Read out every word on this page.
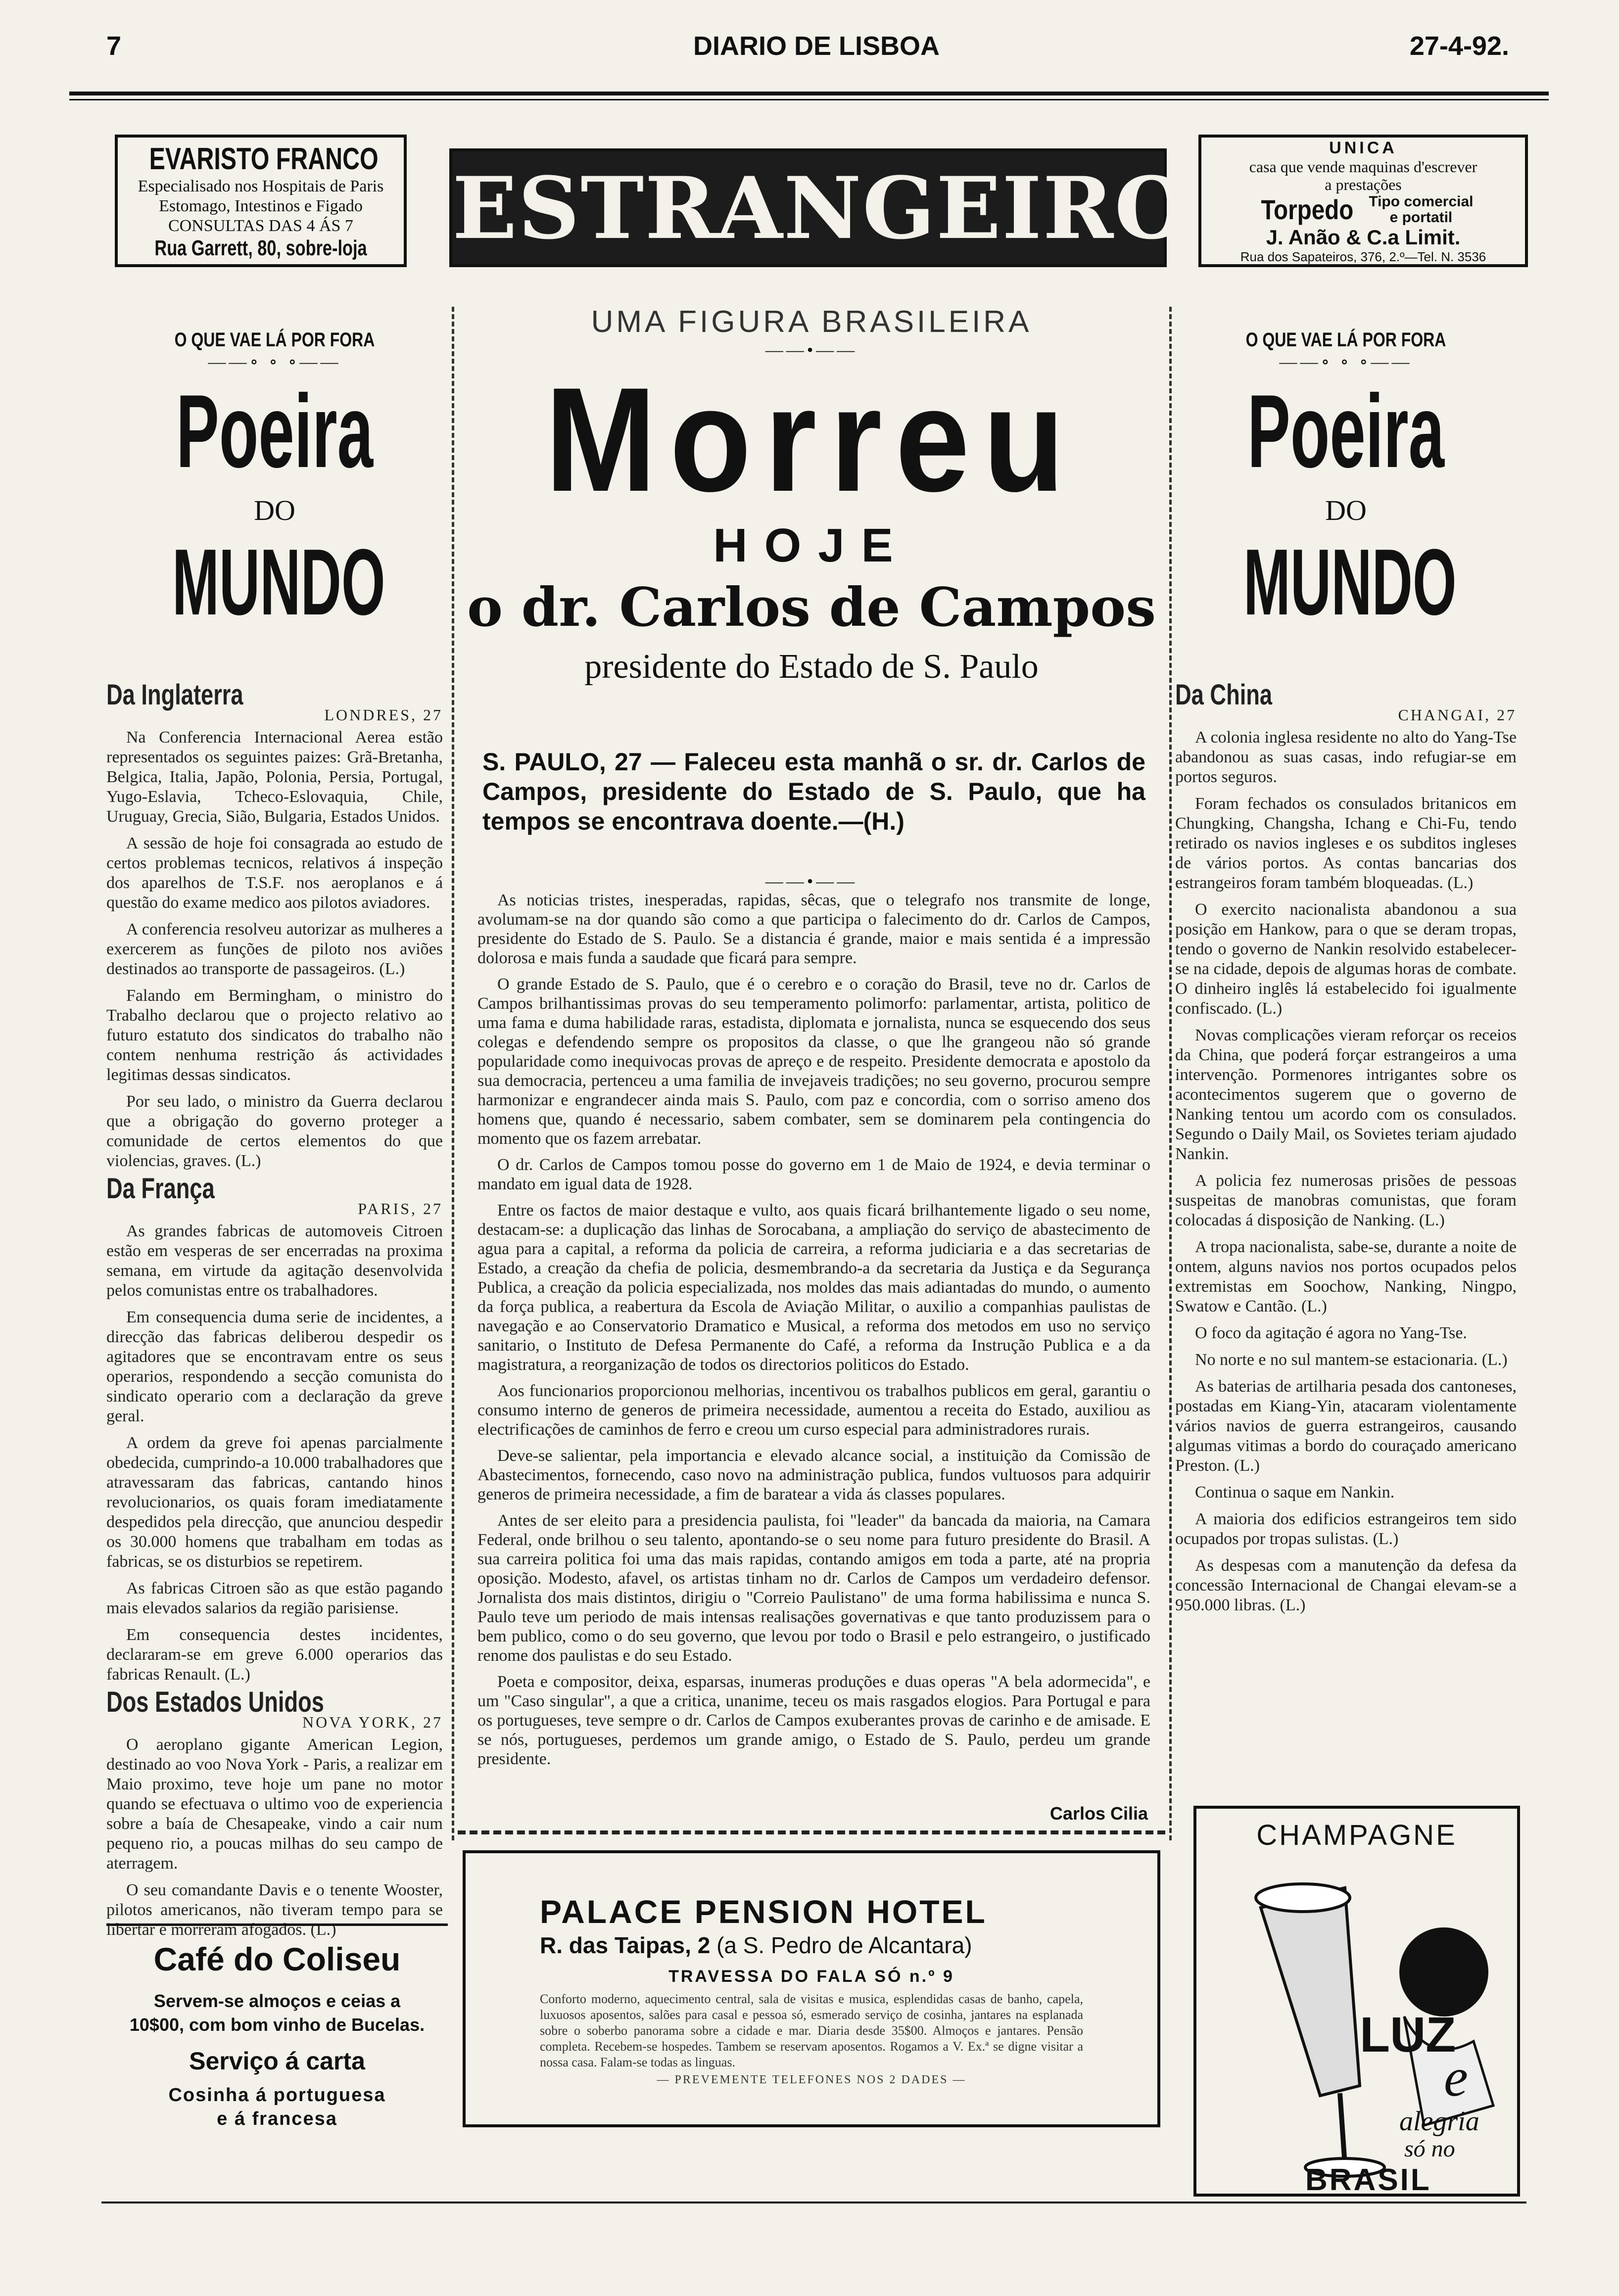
7	DIARIO DE LISBOA	27-4-92.
EVARISTO FRANCO
Especialisado nos Hospitais de Paris
Estomago, Intestinos e Figado
CONSULTAS DAS 4 ÁS 7
Rua Garrett, 80, sobre-loja ESTRANGEIRO
UNICA
casa que vende maquinas d'escrever
a prestações
Torpedo Tipo comercial
e portatil
J. Anão & C.a Limit.
Rua dos Sapateiros, 376, 2.º—Tel. N. 3536
O QUE VAE LÁ POR FORA
——∘ ∘ ∘——
Poeira
DO
MUNDO
Da Inglaterra
LONDRES, 27

Na Conferencia Internacional Aerea estão representados os seguintes paizes: Grã-Bretanha, Belgica, Italia, Japão, Polonia, Persia, Portugal, Yugo-Eslavia, Tcheco-Eslovaquia, Chile, Uruguay, Grecia, Sião, Bulgaria, Estados Unidos.

A sessão de hoje foi consagrada ao estudo de certos problemas tecnicos, relativos á inspeção dos aparelhos de T.S.F. nos aeroplanos e á questão do exame medico aos pilotos aviadores.

A conferencia resolveu autorizar as mulheres a exercerem as funções de piloto nos aviões destinados ao transporte de passageiros. (L.)

Falando em Bermingham, o ministro do Trabalho declarou que o projecto relativo ao futuro estatuto dos sindicatos do trabalho não contem nenhuma restrição ás actividades legitimas dessas sindicatos.

Por seu lado, o ministro da Guerra declarou que a obrigação do governo proteger a comunidade de certos elementos do que violencias, graves. (L.)

Da França
PARIS, 27

As grandes fabricas de automoveis Citroen estão em vesperas de ser encerradas na proxima semana, em virtude da agitação desenvolvida pelos comunistas entre os trabalhadores.

Em consequencia duma serie de incidentes, a direcção das fabricas deliberou despedir os agitadores que se encontravam entre os seus operarios, respondendo a secção comunista do sindicato operario com a declaração da greve geral.

A ordem da greve foi apenas parcialmente obedecida, cumprindo-a 10.000 trabalhadores que atravessaram das fabricas, cantando hinos revolucionarios, os quais foram imediatamente despedidos pela direcção, que anunciou despedir os 30.000 homens que trabalham em todas as fabricas, se os disturbios se repetirem.

As fabricas Citroen são as que estão pagando mais elevados salarios da região parisiense.

Em consequencia destes incidentes, declararam-se em greve 6.000 operarios das fabricas Renault. (L.)

Dos Estados Unidos
NOVA YORK, 27

O aeroplano gigante American Legion, destinado ao voo Nova York - Paris, a realizar em Maio proximo, teve hoje um pane no motor quando se efectuava o ultimo voo de experiencia sobre a baía de Chesapeake, vindo a cair num pequeno rio, a poucas milhas do seu campo de aterragem.

O seu comandante Davis e o tenente Wooster, pilotos americanos, não tiveram tempo para se libertar e morreram afogados. (L.)

Café do Coliseu
Servem-se almoços e ceias a
10$00, com bom vinho de Bucelas.
Serviço á carta
Cosinha á portuguesa
e á francesa
UMA FIGURA BRASILEIRA
——•——
Morreu
HOJE
o dr. Carlos de Campos
presidente do Estado de S. Paulo
S. PAULO, 27 — Faleceu esta manhã o sr. dr. Carlos de Campos, presidente do Estado de S. Paulo, que ha tempos se encontrava doente.—(H.)
——•——

As noticias tristes, inesperadas, rapidas, sêcas, que o telegrafo nos transmite de longe, avolumam-se na dor quando são como a que participa o falecimento do dr. Carlos de Campos, presidente do Estado de S. Paulo. Se a distancia é grande, maior e mais sentida é a impressão dolorosa e mais funda a saudade que ficará para sempre.

O grande Estado de S. Paulo, que é o cerebro e o coração do Brasil, teve no dr. Carlos de Campos brilhantissimas provas do seu temperamento polimorfo: parlamentar, artista, politico de uma fama e duma habilidade raras, estadista, diplomata e jornalista, nunca se esquecendo dos seus colegas e defendendo sempre os propositos da classe, o que lhe grangeou não só grande popularidade como inequivocas provas de apreço e de respeito. Presidente democrata e apostolo da sua democracia, pertenceu a uma familia de invejaveis tradições; no seu governo, procurou sempre harmonizar e engrandecer ainda mais S. Paulo, com paz e concordia, com o sorriso ameno dos homens que, quando é necessario, sabem combater, sem se dominarem pela contingencia do momento que os fazem arrebatar.

O dr. Carlos de Campos tomou posse do governo em 1 de Maio de 1924, e devia terminar o mandato em igual data de 1928.

Entre os factos de maior destaque e vulto, aos quais ficará brilhantemente ligado o seu nome, destacam-se: a duplicação das linhas de Sorocabana, a ampliação do serviço de abastecimento de agua para a capital, a reforma da policia de carreira, a reforma judiciaria e a das secretarias de Estado, a creação da chefia de policia, desmembrando-a da secretaria da Justiça e da Segurança Publica, a creação da policia especializada, nos moldes das mais adiantadas do mundo, o aumento da força publica, a reabertura da Escola de Aviação Militar, o auxilio a companhias paulistas de navegação e ao Conservatorio Dramatico e Musical, a reforma dos metodos em uso no serviço sanitario, o Instituto de Defesa Permanente do Café, a reforma da Instrução Publica e a da magistratura, a reorganização de todos os directorios politicos do Estado.

Aos funcionarios proporcionou melhorias, incentivou os trabalhos publicos em geral, garantiu o consumo interno de generos de primeira necessidade, aumentou a receita do Estado, auxiliou as electrificações de caminhos de ferro e creou um curso especial para administradores rurais.

Deve-se salientar, pela importancia e elevado alcance social, a instituição da Comissão de Abastecimentos, fornecendo, caso novo na administração publica, fundos vultuosos para adquirir generos de primeira necessidade, a fim de baratear a vida ás classes populares.

Antes de ser eleito para a presidencia paulista, foi "leader" da bancada da maioria, na Camara Federal, onde brilhou o seu talento, apontando-se o seu nome para futuro presidente do Brasil. A sua carreira politica foi uma das mais rapidas, contando amigos em toda a parte, até na propria oposição. Modesto, afavel, os artistas tinham no dr. Carlos de Campos um verdadeiro defensor. Jornalista dos mais distintos, dirigiu o "Correio Paulistano" de uma forma habilissima e nunca S. Paulo teve um periodo de mais intensas realisações governativas e que tanto produzissem para o bem publico, como o do seu governo, que levou por todo o Brasil e pelo estrangeiro, o justificado renome dos paulistas e do seu Estado.

Poeta e compositor, deixa, esparsas, inumeras produções e duas operas "A bela adormecida", e um "Caso singular", a que a critica, unanime, teceu os mais rasgados elogios. Para Portugal e para os portugueses, teve sempre o dr. Carlos de Campos exuberantes provas de carinho e de amisade. E se nós, portugueses, perdemos um grande amigo, o Estado de S. Paulo, perdeu um grande presidente.

Carlos Cilia
PALACE PENSION HOTEL
R. das Taipas, 2 (a S. Pedro de Alcantara)
TRAVESSA DO FALA SÓ n.º 9
Conforto moderno, aquecimento central, sala de visitas e musica, esplendidas casas de banho, capela, luxuosos aposentos, salões para casal e pessoa só, esmerado serviço de cosinha, jantares na esplanada sobre o soberbo panorama sobre a cidade e mar. Diaria desde 35$00. Almoços e jantares. Pensão completa. Recebem-se hospedes. Tambem se reservam aposentos. Rogamos a V. Ex.ª se digne visitar a nossa casa. Falam-se todas as linguas.
— PREVEMENTE TELEFONES NOS 2 DADES —
O QUE VAE LÁ POR FORA
——∘ ∘ ∘——
Poeira
DO
MUNDO
Da China
CHANGAI, 27

A colonia inglesa residente no alto do Yang-Tse abandonou as suas casas, indo refugiar-se em portos seguros.

Foram fechados os consulados britanicos em Chungking, Changsha, Ichang e Chi-Fu, tendo retirado os navios ingleses e os subditos ingleses de vários portos. As contas bancarias dos estrangeiros foram também bloqueadas. (L.)

O exercito nacionalista abandonou a sua posição em Hankow, para o que se deram tropas, tendo o governo de Nankin resolvido estabelecer-se na cidade, depois de algumas horas de combate. O dinheiro inglês lá estabelecido foi igualmente confiscado. (L.)

Novas complicações vieram reforçar os receios da China, que poderá forçar estrangeiros a uma intervenção. Pormenores intrigantes sobre os acontecimentos sugerem que o governo de Nanking tentou um acordo com os consulados. Segundo o Daily Mail, os Sovietes teriam ajudado Nankin.

A policia fez numerosas prisões de pessoas suspeitas de manobras comunistas, que foram colocadas á disposição de Nanking. (L.)

A tropa nacionalista, sabe-se, durante a noite de ontem, alguns navios nos portos ocupados pelos extremistas em Soochow, Nanking, Ningpo, Swatow e Cantão. (L.)

O foco da agitação é agora no Yang-Tse.

No norte e no sul mantem-se estacionaria. (L.)

As baterias de artilharia pesada dos cantoneses, postadas em Kiang-Yin, atacaram violentamente vários navios de guerra estrangeiros, causando algumas vitimas a bordo do couraçado americano Preston. (L.)

Continua o saque em Nankin.

A maioria dos edificios estrangeiros tem sido ocupados por tropas sulistas. (L.)

As despesas com a manutenção da defesa da concessão Internacional de Changai elevam-se a 950.000 libras. (L.)

CHAMPAGNE
LUZ
e
alegria
só no
BRASIL
